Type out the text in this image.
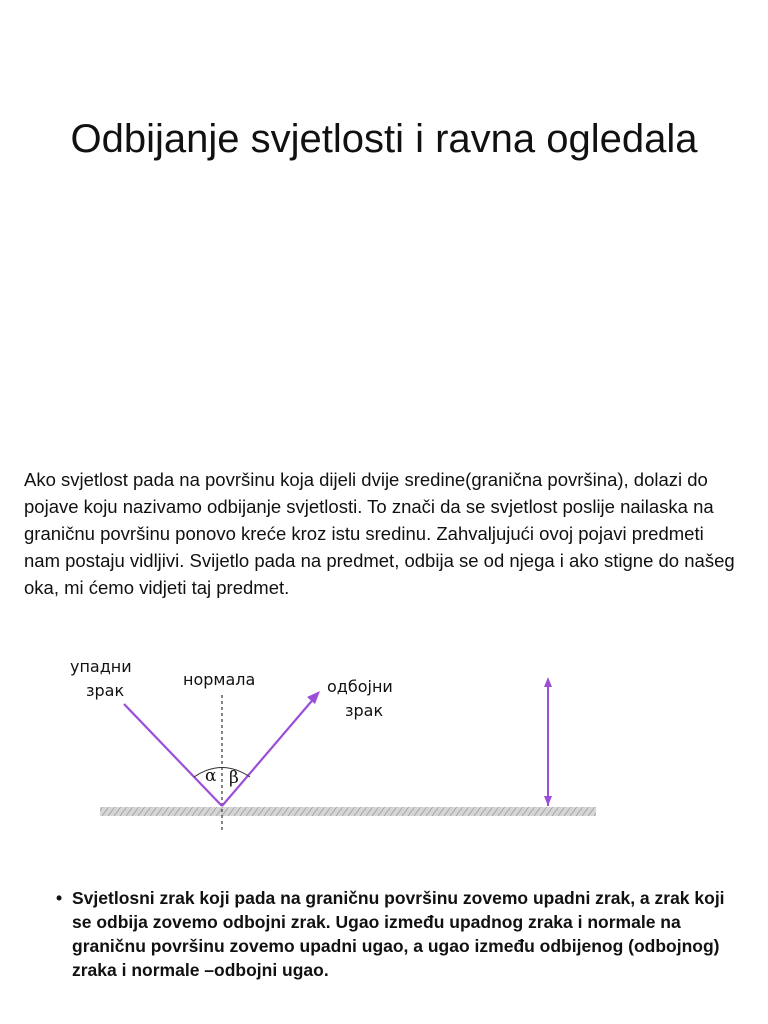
Odbijanje svjetlosti i ravna ogledala

Ako svjetlost pada na površinu koja dijeli dvije sredine(granična površina), dolazi do pojave koju nazivamo odbijanje svjetlosti. To znači da se svjetlost poslije nailaska na graničnu površinu ponovo kreće kroz istu sredinu. Zahvaljujući ovoj pojavi predmeti nam postaju vidljivi. Svijetlo pada na predmet, odbija se od njega i ako stigne do našeg oka, mi ćemo vidjeti taj predmet.

α β
упадни
зрак
нормала	одбојни
зрак
• Svjetlosni zrak koji pada na graničnu površinu zovemo upadni zrak, a zrak koji se odbija zovemo odbojni zrak. Ugao između upadnog zraka i normale na graničnu površinu zovemo upadni ugao, a ugao između odbijenog (odbojnog) zraka i normale –odbojni ugao.
